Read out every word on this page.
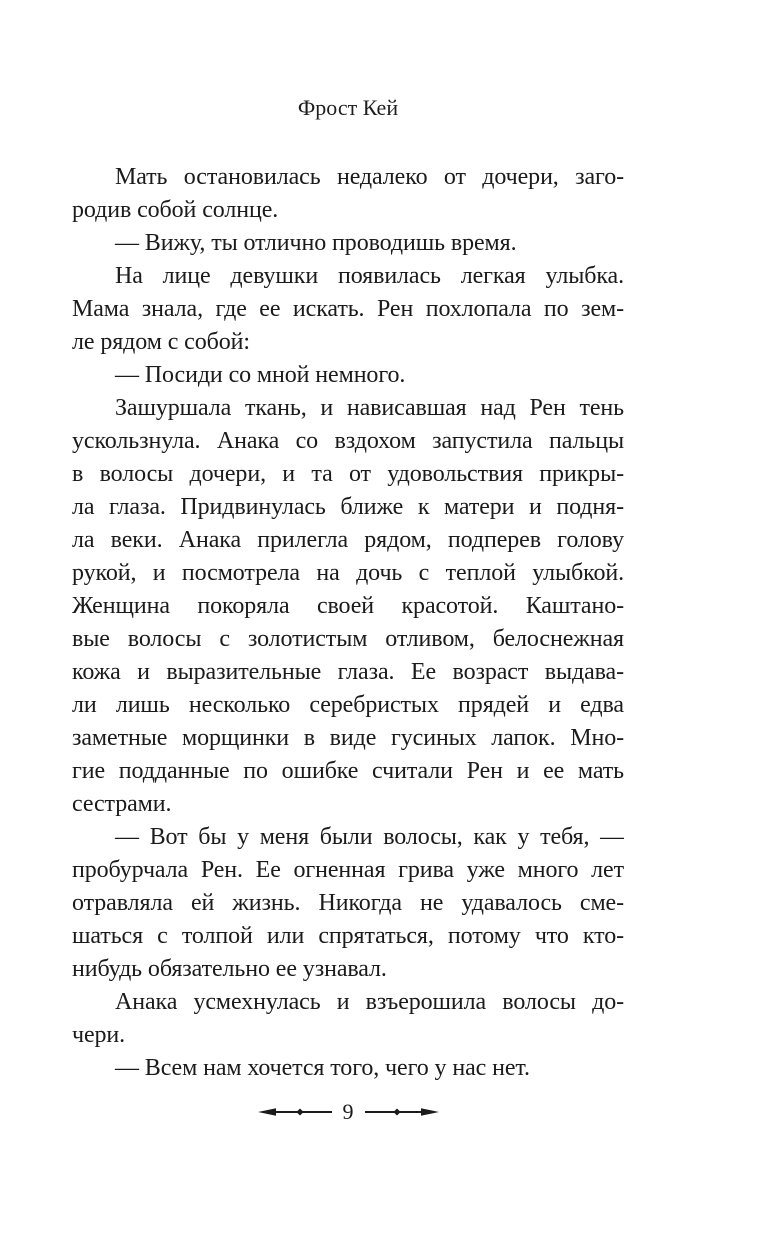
Фрост Кей
Мать остановилась недалеко от дочери, заго-
родив собой солнце.
— Вижу, ты отлично проводишь время.
На лице девушки появилась легкая улыбка.
Мама знала, где ее искать. Рен похлопала по зем-
ле рядом с собой:
— Посиди со мной немного.
Зашуршала ткань, и нависавшая над Рен тень
ускользнула. Анака со вздохом запустила пальцы
в волосы дочери, и та от удовольствия прикры-
ла глаза. Придвинулась ближе к матери и подня-
ла веки. Анака прилегла рядом, подперев голову
рукой, и посмотрела на дочь с теплой улыбкой.
Женщина покоряла своей красотой. Каштано-
вые волосы с золотистым отливом, белоснежная
кожа и выразительные глаза. Ее возраст выдава-
ли лишь несколько серебристых прядей и едва
заметные морщинки в виде гусиных лапок. Мно-
гие подданные по ошибке считали Рен и ее мать
сестрами.
— Вот бы у меня были волосы, как у тебя, —
пробурчала Рен. Ее огненная грива уже много лет
отравляла ей жизнь. Никогда не удавалось сме-
шаться с толпой или спрятаться, потому что кто-
нибудь обязательно ее узнавал.
Анака усмехнулась и взъерошила волосы до-
чери.
— Всем нам хочется того, чего у нас нет.
9
